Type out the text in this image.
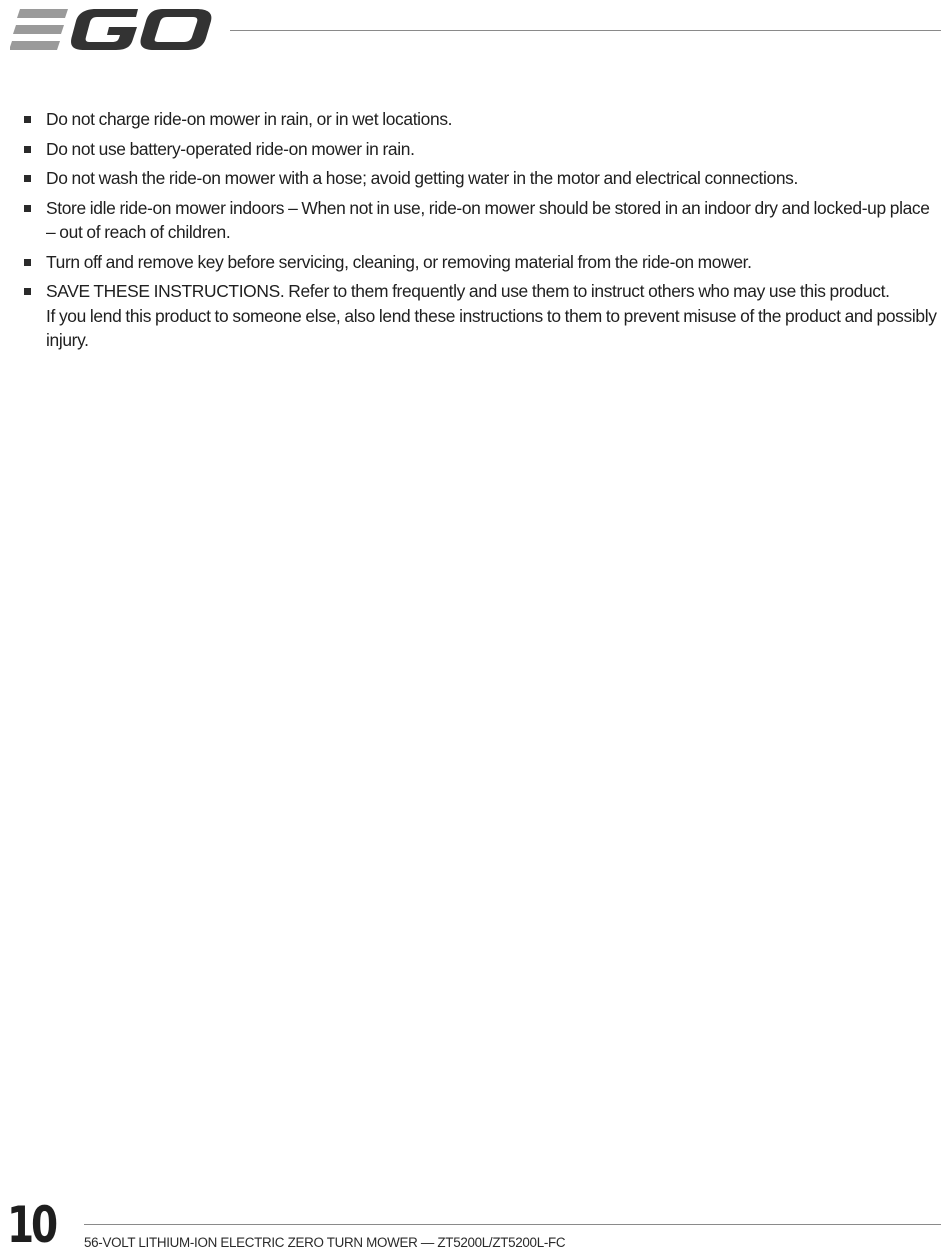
Do not charge ride-on mower in rain, or in wet locations.
Do not use battery-operated ride-on mower in rain.
Do not wash the ride-on mower with a hose; avoid getting water in the motor and electrical connections.
Store idle ride-on mower indoors – When not in use, ride-on mower should be stored in an indoor dry and locked-up place – out of reach of children.
Turn off and remove key before servicing, cleaning, or removing material from the ride-on mower.
SAVE THESE INSTRUCTIONS. Refer to them frequently and use them to instruct others who may use this product.
If you lend this product to someone else, also lend these instructions to them to prevent misuse of the product and possibly injury.
10 56-VOLT LITHIUM-ION ELECTRIC ZERO TURN MOWER — ZT5200L/ZT5200L-FC
